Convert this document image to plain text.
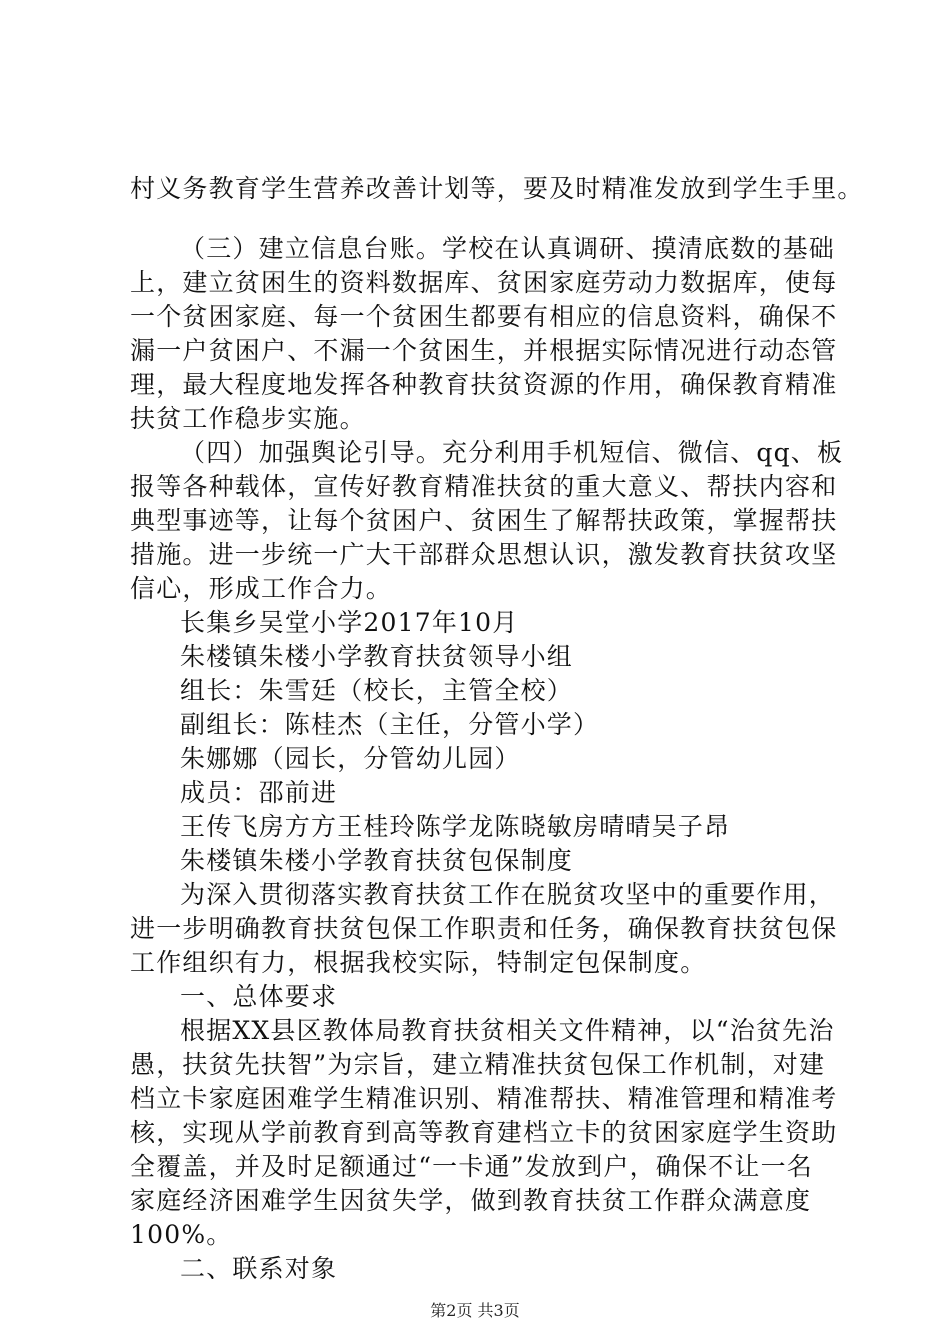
村义务教育学生营养改善计划等，要及时精准发放到学生手里。
（三）建立信息台账。学校在认真调研、摸清底数的基础
上，建立贫困生的资料数据库、贫困家庭劳动力数据库，使每
一个贫困家庭、每一个贫困生都要有相应的信息资料，确保不
漏一户贫困户、不漏一个贫困生，并根据实际情况进行动态管
理，最大程度地发挥各种教育扶贫资源的作用，确保教育精准
扶贫工作稳步实施。
（四）加强舆论引导。充分利用手机短信、微信、qq、板
报等各种载体，宣传好教育精准扶贫的重大意义、帮扶内容和
典型事迹等，让每个贫困户、贫困生了解帮扶政策，掌握帮扶
措施。进一步统一广大干部群众思想认识，激发教育扶贫攻坚
信心，形成工作合力。
长集乡吴堂小学2017年10月
朱楼镇朱楼小学教育扶贫领导小组
组长：朱雪廷（校长，主管全校）
副组长：陈桂杰（主任，分管小学）
朱娜娜（园长，分管幼儿园）
成员：邵前进
王传飞房方方王桂玲陈学龙陈晓敏房晴晴吴子昂
朱楼镇朱楼小学教育扶贫包保制度
为深入贯彻落实教育扶贫工作在脱贫攻坚中的重要作用，
进一步明确教育扶贫包保工作职责和任务，确保教育扶贫包保
工作组织有力，根据我校实际，特制定包保制度。
一、总体要求
根据XX县区教体局教育扶贫相关文件精神，以“治贫先治
愚，扶贫先扶智”为宗旨，建立精准扶贫包保工作机制，对建
档立卡家庭困难学生精准识别、精准帮扶、精准管理和精准考
核，实现从学前教育到高等教育建档立卡的贫困家庭学生资助
全覆盖，并及时足额通过“一卡通”发放到户，确保不让一名
家庭经济困难学生因贫失学，做到教育扶贫工作群众满意度
100%。
二、联系对象
第2页 共3页
